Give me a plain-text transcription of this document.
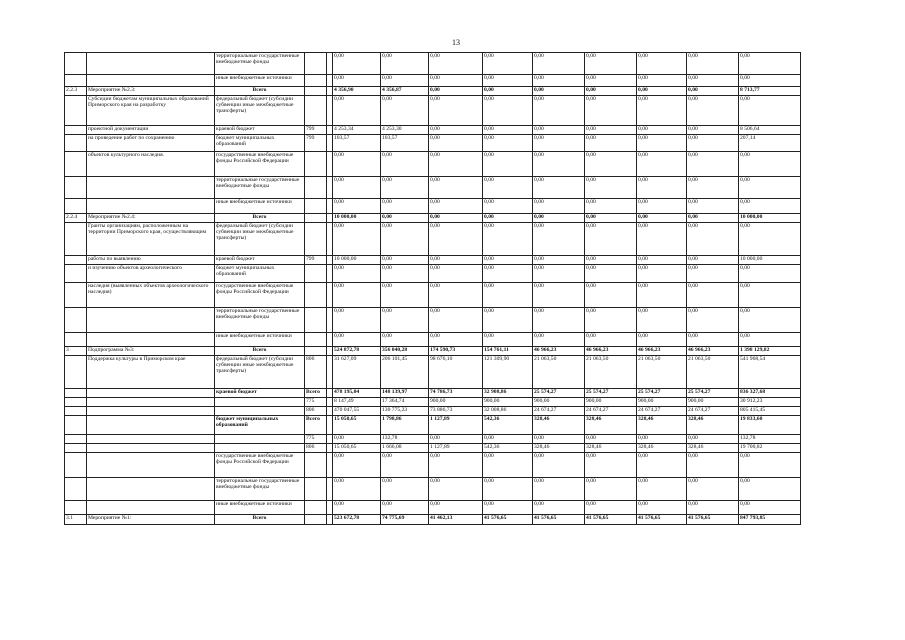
13
		территориальные государственные внебюджетные фонды			0,00	0,00	0,00	0,00	0,00	0,00	0,00	0,00	0,00
		иные внебюджетные источники			0,00	0,00	0,00	0,00	0,00	0,00	0,00	0,00	0,00
2.2.3	Мероприятие №2.3:	Всего			4 356,90	4 356,87	0,00	0,00	0,00	0,00	0,00	0,00	8 713,77
	Субсидии бюджетам муниципальных образований Приморского края на разработку	федеральный бюджет (субсидии субвенции иные межбюджетные трансферты)			0,00	0,00	0,00	0,00	0,00	0,00	0,00	0,00	0,00
	проектной документации	краевой бюджет	799		4 253,34	4 253,30	0,00	0,00	0,00	0,00	0,00	0,00	8 506,64
	на проведение работ по сохранению	бюджет муниципальных образований	799		103,57	103,57	0,00	0,00	0,00	0,00	0,00	0,00	207,14
	объектов культурного наследия.	государственные внебюджетные фонды Российской Федерации			0,00	0,00	0,00	0,00	0,00	0,00	0,00	0,00	0,00
		территориальные государственные внебюджетные фонды			0,00	0,00	0,00	0,00	0,00	0,00	0,00	0,00	0,00
		иные внебюджетные источники			0,00	0,00	0,00	0,00	0,00	0,00	0,00	0,00	0,00
2.2.4	Мероприятие №2.4:	Всего			10 000,00	0,00	0,00	0,00	0,00	0,00	0,00	0,00	10 000,00
	Гранты организациям, расположенным на территории Приморского края, осуществляющим	федеральный бюджет (субсидии субвенции иные межбюджетные трансферты)			0,00	0,00	0,00	0,00	0,00	0,00	0,00	0,00	0,00
	работы по выявлению	краевой бюджет	799		10 000,00	0,00	0,00	0,00	0,00	0,00	0,00	0,00	10 000,00
	и изучению объектов археологического	бюджет муниципальных образований			0,00	0,00	0,00	0,00	0,00	0,00	0,00	0,00	0,00
	наследия (выявленных объектов археологического наследия)	государственные внебюджетные фонды Российской Федерации			0,00	0,00	0,00	0,00	0,00	0,00	0,00	0,00	0,00
		территориальные государственные внебюджетные фонды			0,00	0,00	0,00	0,00	0,00	0,00	0,00	0,00	0,00
		иные внебюджетные источники			0,00	0,00	0,00	0,00	0,00	0,00	0,00	0,00	0,00
3	Подпрограмма №3:	Всего			524 872,78	356 040,28	174 590,73	154 761,11	46 966,23	46 966,23	46 966,23	46 966,23	1 398 129,82
	Поддержка культуры в Приморском крае	федеральный бюджет (субсидии субвенции иные межбюджетные трансферты)	806		31 627,09	206 101,45	98 676,10	121 309,90	21 063,50	21 063,50	21 063,50	21 063,50	541 968,54
		краевой бюджет	Всего		478 195,04	148 139,97	74 786,73	32 908,86	25 574,27	25 574,27	25 574,27	25 574,27	836 327,68
			775		8 147,49	17 364,74	900,00	900,00	900,00	900,00	900,00	900,00	30 912,23
			806		470 047,55	130 775,23	73 886,73	32 008,86	24 674,27	24 674,27	24 674,27	24 674,27	805 415,45
		бюджет муниципальных образований	Всего		15 050,65	1 798,86	1 127,89	542,36	328,46	328,46	328,46	328,46	19 833,60
			775		0,00	132,78	0,00	0,00	0,00	0,00	0,00	0,00	132,78
			806		15 050,65	1 666,08	1 127,89	542,36	328,46	328,46	328,46	328,46	19 700,82
		государственные внебюджетные фонды Российской Федерации			0,00	0,00	0,00	0,00	0,00	0,00	0,00	0,00	0,00
		территориальные государственные внебюджетные фонды			0,00	0,00	0,00	0,00	0,00	0,00	0,00	0,00	0,00
		иные внебюджетные источники			0,00	0,00	0,00	0,00	0,00	0,00	0,00	0,00	0,00
3.1	Мероприятие №1:	Всего			523 672,78	74 775,69	41 462,13	41 576,65	41 576,65	41 576,65	41 576,65	41 576,65	847 793,85
